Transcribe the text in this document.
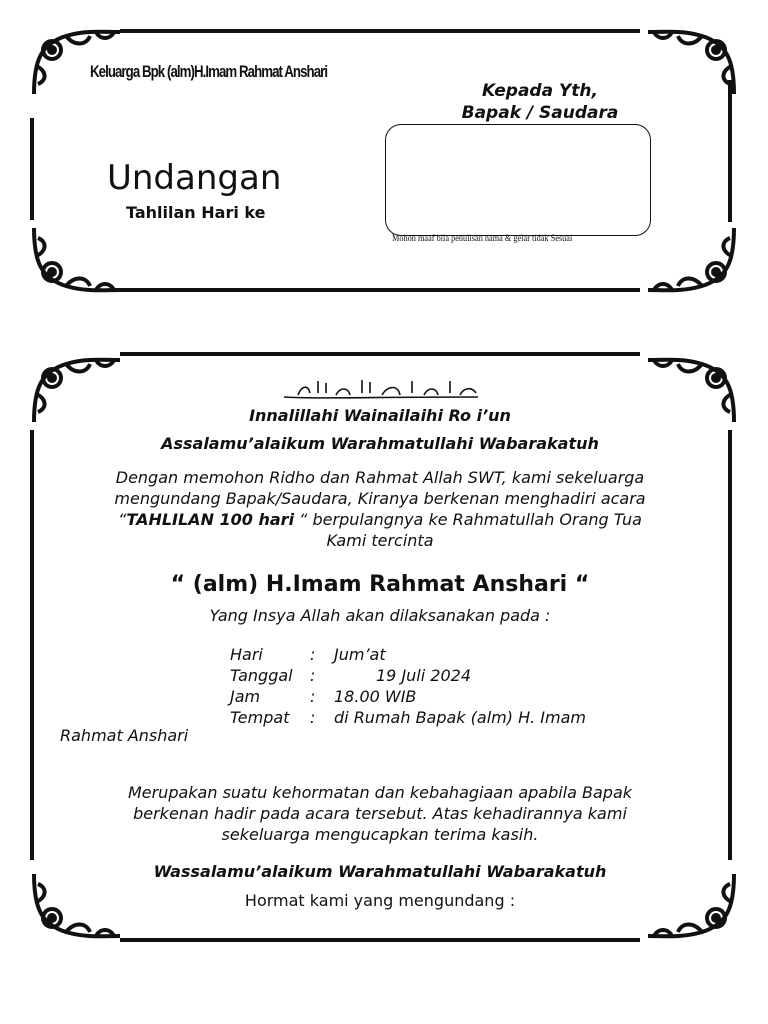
Keluarga Bpk (alm)H.Imam Rahmat Anshari
Kepada Yth,
Bapak / Saudara
Mohon maaf bila penulisan nama & gelar tidak Sesuai
Undangan
Tahlilan Hari ke
Innalillahi Wainailaihi Ro i’un
Assalamu’alaikum Warahmatullahi Wabarakatuh
Dengan memohon Ridho dan Rahmat Allah SWT, kami sekeluarga
mengundang Bapak/Saudara, Kiranya berkenan menghadiri acara
“TAHLILAN 100 hari “ berpulangnya ke Rahmatullah Orang Tua
Kami tercinta
“ (alm) H.Imam Rahmat Anshari “
Yang Insya Allah akan dilaksanakan pada :
Hari	: Jum’at
Tanggal :	19 Juli 2024
Jam	: 18.00 WIB
Tempat : di Rumah Bapak (alm) H. Imam
Rahmat Anshari
Merupakan suatu kehormatan dan kebahagiaan apabila Bapak
berkenan hadir pada acara tersebut. Atas kehadirannya kami
sekeluarga mengucapkan terima kasih.
Wassalamu’alaikum Warahmatullahi Wabarakatuh
Hormat kami yang mengundang :
